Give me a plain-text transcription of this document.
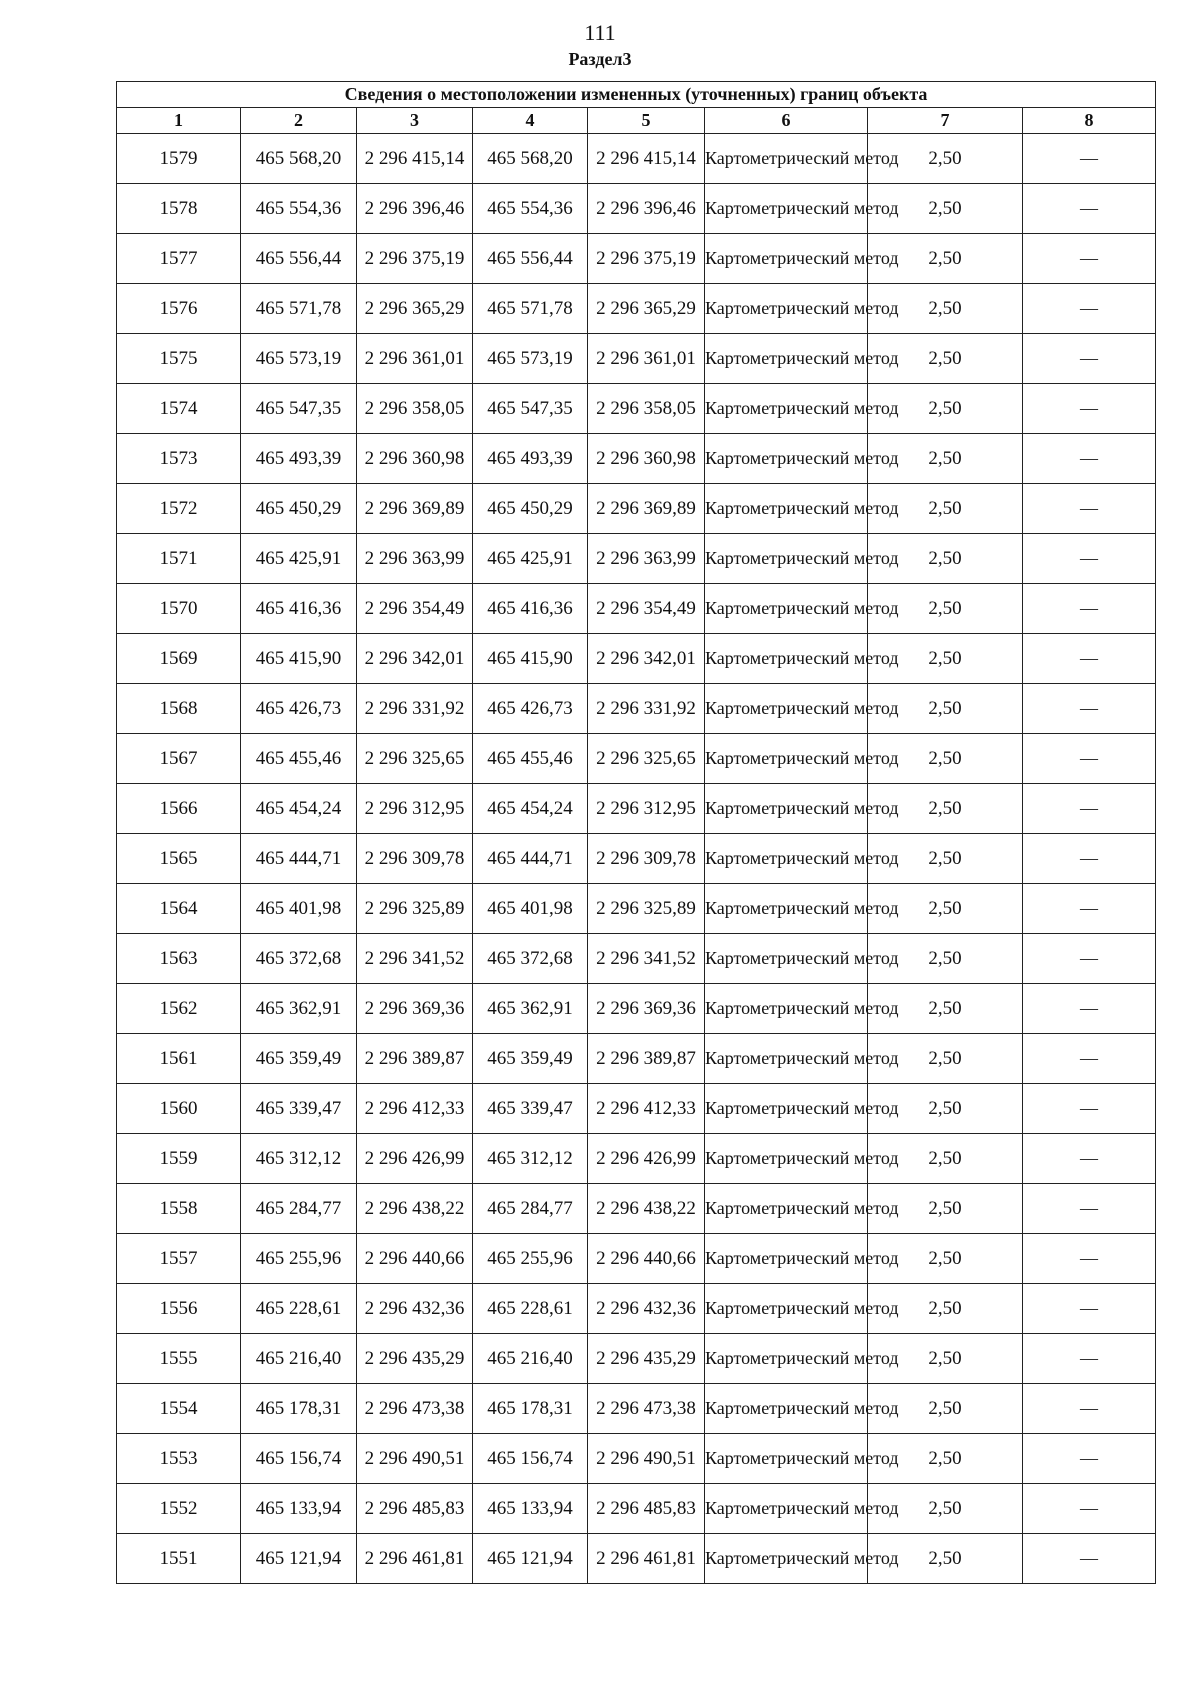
111
Раздел3
Сведения о местоположении измененных (уточненных) границ объекта							
1	2	3	4	5	6	7	8
1579	465 568,20	2 296 415,14	465 568,20	2 296 415,14	Картометрический метод	2,50	—
1578	465 554,36	2 296 396,46	465 554,36	2 296 396,46	Картометрический метод	2,50	—
1577	465 556,44	2 296 375,19	465 556,44	2 296 375,19	Картометрический метод	2,50	—
1576	465 571,78	2 296 365,29	465 571,78	2 296 365,29	Картометрический метод	2,50	—
1575	465 573,19	2 296 361,01	465 573,19	2 296 361,01	Картометрический метод	2,50	—
1574	465 547,35	2 296 358,05	465 547,35	2 296 358,05	Картометрический метод	2,50	—
1573	465 493,39	2 296 360,98	465 493,39	2 296 360,98	Картометрический метод	2,50	—
1572	465 450,29	2 296 369,89	465 450,29	2 296 369,89	Картометрический метод	2,50	—
1571	465 425,91	2 296 363,99	465 425,91	2 296 363,99	Картометрический метод	2,50	—
1570	465 416,36	2 296 354,49	465 416,36	2 296 354,49	Картометрический метод	2,50	—
1569	465 415,90	2 296 342,01	465 415,90	2 296 342,01	Картометрический метод	2,50	—
1568	465 426,73	2 296 331,92	465 426,73	2 296 331,92	Картометрический метод	2,50	—
1567	465 455,46	2 296 325,65	465 455,46	2 296 325,65	Картометрический метод	2,50	—
1566	465 454,24	2 296 312,95	465 454,24	2 296 312,95	Картометрический метод	2,50	—
1565	465 444,71	2 296 309,78	465 444,71	2 296 309,78	Картометрический метод	2,50	—
1564	465 401,98	2 296 325,89	465 401,98	2 296 325,89	Картометрический метод	2,50	—
1563	465 372,68	2 296 341,52	465 372,68	2 296 341,52	Картометрический метод	2,50	—
1562	465 362,91	2 296 369,36	465 362,91	2 296 369,36	Картометрический метод	2,50	—
1561	465 359,49	2 296 389,87	465 359,49	2 296 389,87	Картометрический метод	2,50	—
1560	465 339,47	2 296 412,33	465 339,47	2 296 412,33	Картометрический метод	2,50	—
1559	465 312,12	2 296 426,99	465 312,12	2 296 426,99	Картометрический метод	2,50	—
1558	465 284,77	2 296 438,22	465 284,77	2 296 438,22	Картометрический метод	2,50	—
1557	465 255,96	2 296 440,66	465 255,96	2 296 440,66	Картометрический метод	2,50	—
1556	465 228,61	2 296 432,36	465 228,61	2 296 432,36	Картометрический метод	2,50	—
1555	465 216,40	2 296 435,29	465 216,40	2 296 435,29	Картометрический метод	2,50	—
1554	465 178,31	2 296 473,38	465 178,31	2 296 473,38	Картометрический метод	2,50	—
1553	465 156,74	2 296 490,51	465 156,74	2 296 490,51	Картометрический метод	2,50	—
1552	465 133,94	2 296 485,83	465 133,94	2 296 485,83	Картометрический метод	2,50	—
1551	465 121,94	2 296 461,81	465 121,94	2 296 461,81	Картометрический метод	2,50	—
